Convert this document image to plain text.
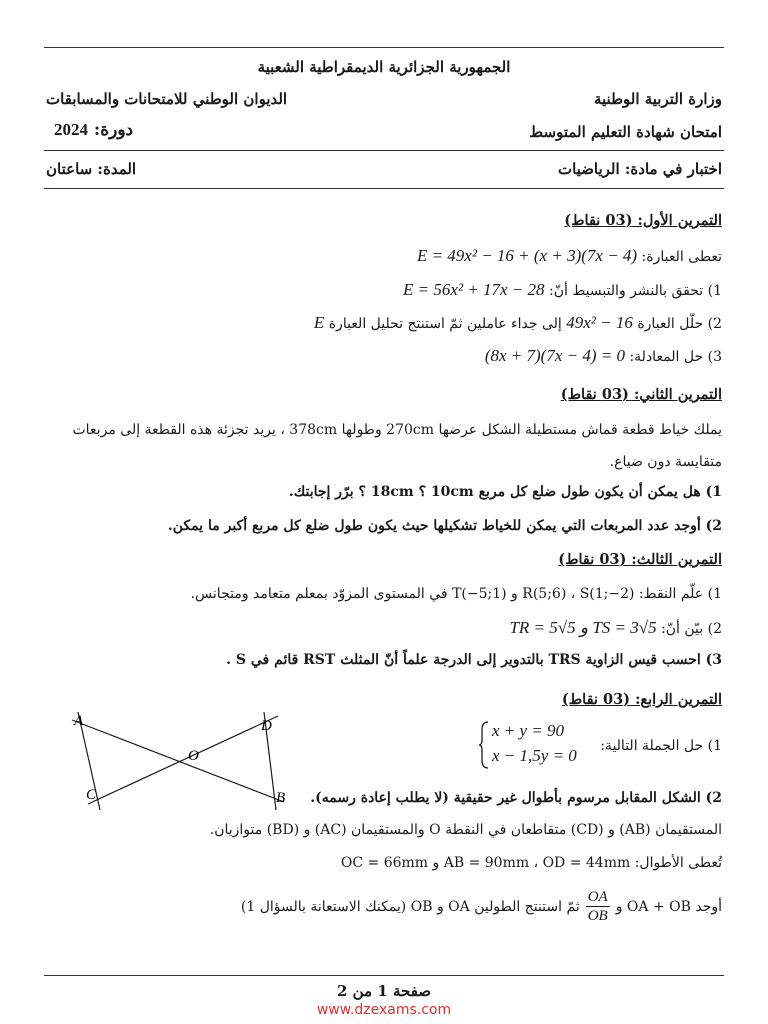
الجمهورية الجزائرية الديمقراطية الشعبية
وزارة التربية الوطنية
الديوان الوطني للامتحانات والمسابقات
امتحان شهادة التعليم المتوسط
2024 دورة:
اختبار في مادة: الرياضيات
المدة: ساعتان
التمرين الأول: (03 نقاط)
تعطى العبارة: E = 49x² − 16 + (x + 3)(7x − 4)
1) تحقق بالنشر والتبسيط أنّ: E = 56x² + 17x − 28
2) حلّل العبارة 49x² − 16 إلى جداء عاملين ثمّ استنتج تحليل العبارة E
3) حل المعادلة: (8x + 7)(7x − 4) = 0
التمرين الثاني: (03 نقاط)
يملك خياط قطعة قماش مستطيلة الشكل عرضها 270cm وطولها 378cm ، يريد تجزئة هذه القطعة إلى مربعات
متقايسة دون ضياع.
1) هل يمكن أن يكون طول ضلع كل مربع 10cm ؟ 18cm ؟ برّر إجابتك.
2) أوجد عدد المربعات التي يمكن للخياط تشكيلها حيث يكون طول ضلع كل مربع أكبر ما يمكن.
التمرين الثالث: (03 نقاط)
1) علّم النقط: R(5;6) ، S(1;−2) و T(−5;1) في المستوى المزوّد بمعلم متعامد ومتجانس.
2) بيّن أنّ: TR = 5√5 و TS = 3√5
3) احسب قيس الزاوية TRS بالتدوير إلى الدرجة علماً أنّ المثلث RST قائم في S .
التمرين الرابع: (03 نقاط)
1) حل الجملة التالية:
x + y = 90
x − 1,5y = 0
A	D
O
C	B	2) الشكل المقابل مرسوم بأطوال غير حقيقية (لا يطلب إعادة رسمه).
المستقيمان (AB) و (CD) متقاطعان في النقطة O والمستقيمان (AC) و (BD) متوازيان.
تُعطى الأطوال: AB = 90mm ، OD = 44mm و OC = 66mm
أوجد OA + OB و
$\frac{OA}{OB}$
ثمّ استنتج الطولين OA و OB (يمكنك الاستعانة بالسؤال 1)
صفحة 1 من 2
www.dzexams.com
